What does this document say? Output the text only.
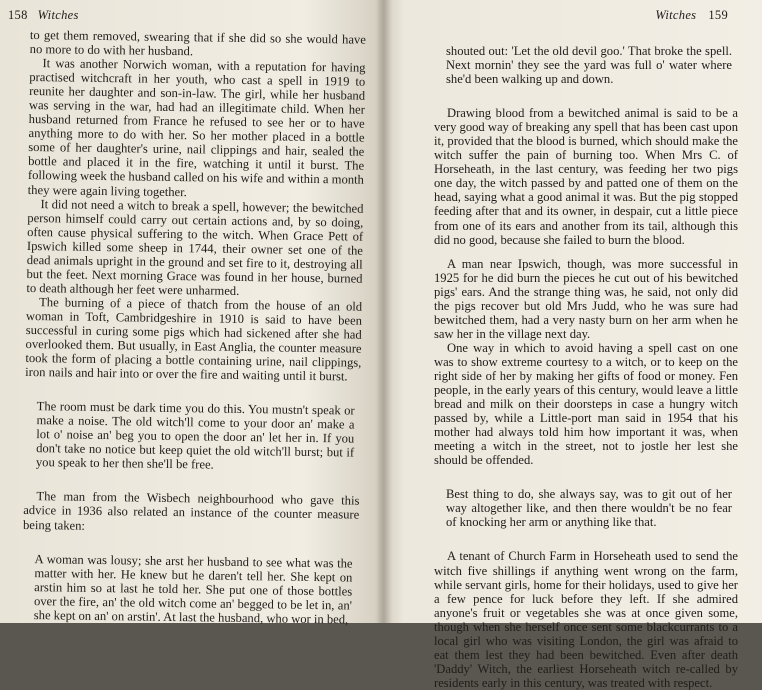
158 Witches

to get them removed, swearing that if she did so she would have no more to do with her husband.

It was another Norwich woman, with a reputation for having practised witchcraft in her youth, who cast a spell in 1919 to reunite her daughter and son-in-law. The girl, while her husband was serving in the war, had had an illegitimate child. When her husband returned from France he refused to see her or to have anything more to do with her. So her mother placed in a bottle some of her daughter's urine, nail clippings and hair, sealed the bottle and placed it in the fire, watching it until it burst. The following week the husband called on his wife and within a month they were again living together.

It did not need a witch to break a spell, however; the bewitched person himself could carry out certain actions and, by so doing, often cause physical suffering to the witch. When Grace Pett of Ipswich killed some sheep in 1744, their owner set one of the dead animals upright in the ground and set fire to it, destroying all but the feet. Next morning Grace was found in her house, burned to death although her feet were unharmed.

The burning of a piece of thatch from the house of an old woman in Toft, Cambridgeshire in 1910 is said to have been successful in curing some pigs which had sickened after she had overlooked them. But usually, in East Anglia, the counter measure took the form of placing a bottle containing urine, nail clippings, iron nails and hair into or over the fire and waiting until it burst.

The room must be dark time you do this. You mustn't speak or make a noise. The old witch'll come to your door an' make a lot o' noise an' beg you to open the door an' let her in. If you don't take no notice but keep quiet the old witch'll burst; but if you speak to her then she'll be free.

The man from the Wisbech neighbourhood who gave this advice in 1936 also related an instance of the counter measure being taken:

A woman was lousy; she arst her husband to see what was the matter with her. He knew but he daren't tell her. She kept on arstin him so at last he told her. She put one of those bottles over the fire, an' the old witch come an' begged to be let in, an' she kept on an' on arstin'. At last the husband, who wor in bed,

Witches 159

shouted out: 'Let the old devil goo.' That broke the spell. Next mornin' they see the yard was full o' water where she'd been walking up and down.

Drawing blood from a bewitched animal is said to be a very good way of breaking any spell that has been cast upon it, provided that the blood is burned, which should make the witch suffer the pain of burning too. When Mrs C. of Horseheath, in the last century, was feeding her two pigs one day, the witch passed by and patted one of them on the head, saying what a good animal it was. But the pig stopped feeding after that and its owner, in despair, cut a little piece from one of its ears and another from its tail, although this did no good, because she failed to burn the blood.

A man near Ipswich, though, was more successful in 1925 for he did burn the pieces he cut out of his bewitched pigs' ears. And the strange thing was, he said, not only did the pigs recover but old Mrs Judd, who he was sure had bewitched them, had a very nasty burn on her arm when he saw her in the village next day.

One way in which to avoid having a spell cast on one was to show extreme courtesy to a witch, or to keep on the right side of her by making her gifts of food or money. Fen people, in the early years of this century, would leave a little bread and milk on their doorsteps in case a hungry witch passed by, while a Little-port man said in 1954 that his mother had always told him how important it was, when meeting a witch in the street, not to jostle her lest she should be offended.

Best thing to do, she always say, was to git out of her way altogether like, and then there wouldn't be no fear of knocking her arm or anything like that.

A tenant of Church Farm in Horseheath used to send the witch five shillings if anything went wrong on the farm, while servant girls, home for their holidays, used to give her a few pence for luck before they left. If she admired anyone's fruit or vegetables she was at once given some, though when she herself once sent some blackcurrants to a local girl who was visiting London, the girl was afraid to eat them lest they had been bewitched. Even after death 'Daddy' Witch, the earliest Horseheath witch re-called by residents early in this century, was treated with respect.
